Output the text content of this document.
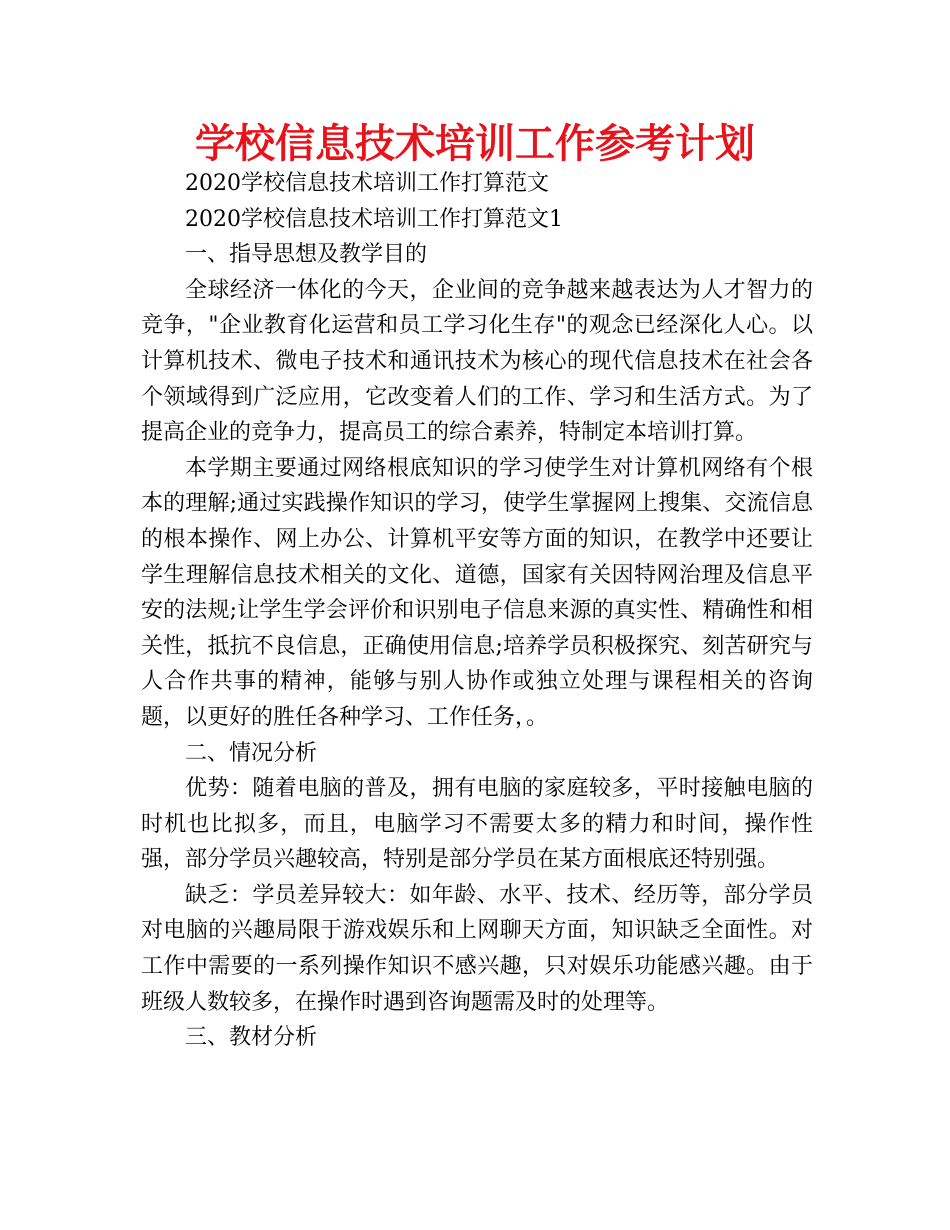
学校信息技术培训工作参考计划

2020学校信息技术培训工作打算范文

2020学校信息技术培训工作打算范文1

一、指导思想及教学目的

全球经济一体化的今天，企业间的竞争越来越表达为人才智力的竞争，"企业教育化运营和员工学习化生存"的观念已经深化人心。以计算机技术、微电子技术和通讯技术为核心的现代信息技术在社会各个领域得到广泛应用，它改变着人们的工作、学习和生活方式。为了提高企业的竞争力，提高员工的综合素养，特制定本培训打算。

本学期主要通过网络根底知识的学习使学生对计算机网络有个根本的理解;通过实践操作知识的学习，使学生掌握网上搜集、交流信息的根本操作、网上办公、计算机平安等方面的知识，在教学中还要让学生理解信息技术相关的文化、道德，国家有关因特网治理及信息平安的法规;让学生学会评价和识别电子信息来源的真实性、精确性和相关性，抵抗不良信息，正确使用信息;培养学员积极探究、刻苦研究与人合作共事的精神，能够与别人协作或独立处理与课程相关的咨询题，以更好的胜任各种学习、工作任务，。

二、情况分析

优势：随着电脑的普及，拥有电脑的家庭较多，平时接触电脑的时机也比拟多，而且，电脑学习不需要太多的精力和时间，操作性强，部分学员兴趣较高，特别是部分学员在某方面根底还特别强。

缺乏：学员差异较大：如年龄、水平、技术、经历等，部分学员对电脑的兴趣局限于游戏娱乐和上网聊天方面，知识缺乏全面性。对工作中需要的一系列操作知识不感兴趣，只对娱乐功能感兴趣。由于班级人数较多，在操作时遇到咨询题需及时的处理等。

三、教材分析
